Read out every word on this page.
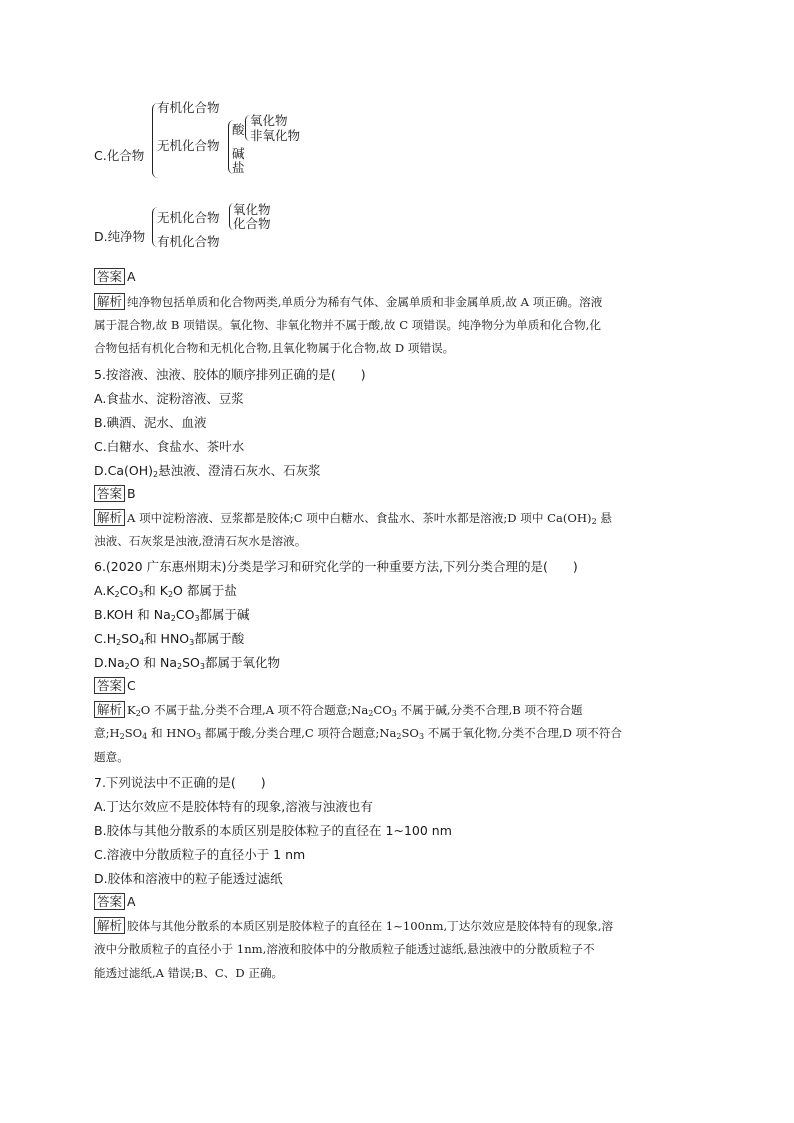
C.化合物
有机化合物
无机化合物
酸
氧化物
非氧化物
碱
盐
D.纯净物
无机化合物
氧化物
化合物
有机化合物
答案 A
解析 纯净物包括单质和化合物两类,单质分为稀有气体、金属单质和非金属单质,故 A 项正确。溶液
属于混合物,故 B 项错误。氧化物、非氧化物并不属于酸,故 C 项错误。纯净物分为单质和化合物,化
合物包括有机化合物和无机化合物,且氧化物属于化合物,故 D 项错误。
5.按溶液、浊液、胶体的顺序排列正确的是(　　)
A.食盐水、淀粉溶液、豆浆
B.碘酒、泥水、血液
C.白糖水、食盐水、茶叶水
$D.Ca(OH)_2$悬浊液、澄清石灰水、石灰浆
答案 B
解析 A 项中淀粉溶液、豆浆都是胶体;C 项中白糖水、食盐水、茶叶水都是溶液;D 项中 $Ca(OH)_2$ 悬
浊液、石灰浆是浊液,澄清石灰水是溶液。
6.(2020 广东惠州期末)分类是学习和研究化学的一种重要方法,下列分类合理的是(　　)
$A.K_2CO_3$和 $K_2O$ 都属于盐
B.KOH 和 $Na_2CO_3$都属于碱
$C.H_2SO_4$和 $HNO_3$都属于酸
$D.Na_2O$ 和 $Na_2SO_3$都属于氧化物
答案 C
解析 $K_2O$ 不属于盐,分类不合理,A 项不符合题意$;Na_2CO_3$ 不属于碱,分类不合理,B 项不符合题
意$;H_2SO_4$ 和 $HNO_3$ 都属于酸,分类合理,C 项符合题意$;Na_2SO_3$ 不属于氧化物,分类不合理,D 项不符合
题意。
7.下列说法中不正确的是(　　)
A.丁达尔效应不是胶体特有的现象,溶液与浊液也有
B.胶体与其他分散系的本质区别是胶体粒子的直径在 1~100 nm
C.溶液中分散质粒子的直径小于 1 nm
D.胶体和溶液中的粒子能透过滤纸
答案 A
解析 胶体与其他分散系的本质区别是胶体粒子的直径在 1~100nm,丁达尔效应是胶体特有的现象,溶
液中分散质粒子的直径小于 1nm,溶液和胶体中的分散质粒子能透过滤纸,悬浊液中的分散质粒子不
能透过滤纸,A 错误;B、C、D 正确。
